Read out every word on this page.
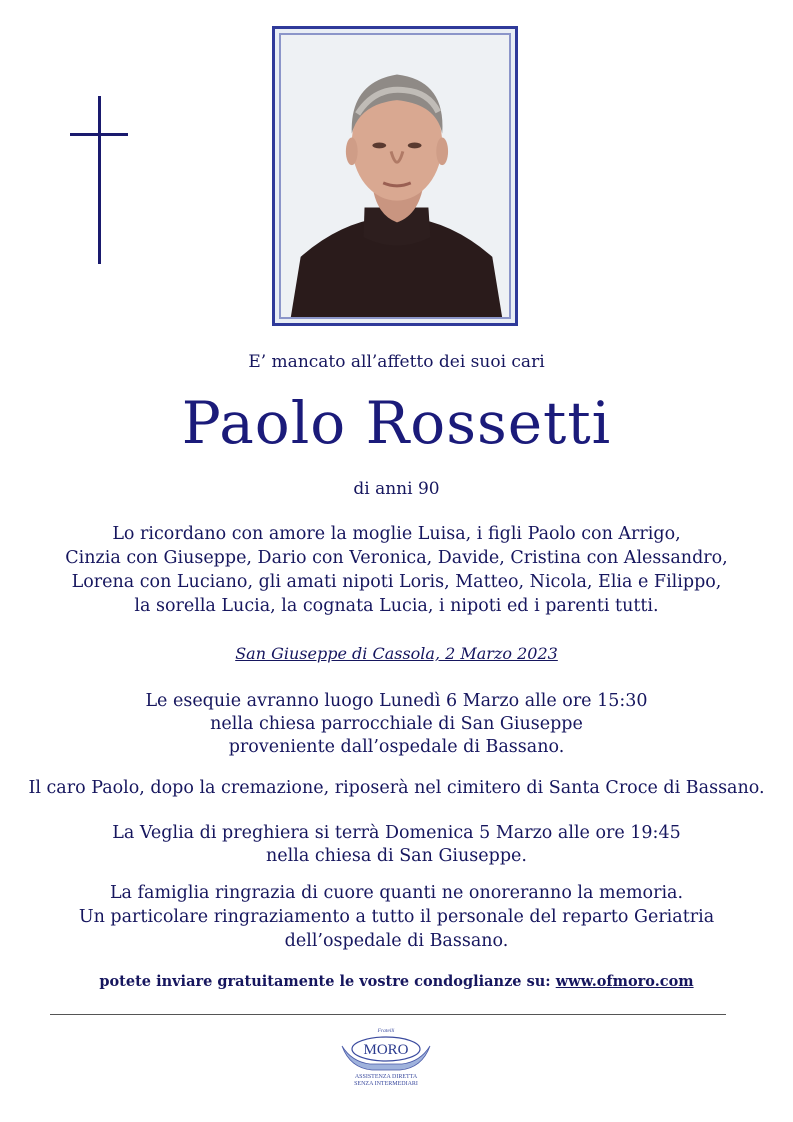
E’ mancato all’affetto dei suoi cari
Paolo Rossetti
di anni 90
Lo ricordano con amore la moglie Luisa, i figli Paolo con Arrigo,
Cinzia con Giuseppe, Dario con Veronica, Davide, Cristina con Alessandro,
Lorena con Luciano, gli amati nipoti Loris, Matteo, Nicola, Elia e Filippo,
la sorella Lucia, la cognata Lucia, i nipoti ed i parenti tutti.
San Giuseppe di Cassola, 2 Marzo 2023
Le esequie avranno luogo Lunedì 6 Marzo alle ore 15:30
nella chiesa parrocchiale di San Giuseppe
proveniente dall’ospedale di Bassano.
Il caro Paolo, dopo la cremazione, riposerà nel cimitero di Santa Croce di Bassano.
La Veglia di preghiera si terrà Domenica 5 Marzo alle ore 19:45
nella chiesa di San Giuseppe.
La famiglia ringrazia di cuore quanti ne onoreranno la memoria.
Un particolare ringraziamento a tutto il personale del reparto Geriatria
dell’ospedale di Bassano.
potete inviare gratuitamente le vostre condoglianze su: www.ofmoro.com
Fratelli
MORO
ASSISTENZA DIRETTA
SENZA INTERMEDIARI
